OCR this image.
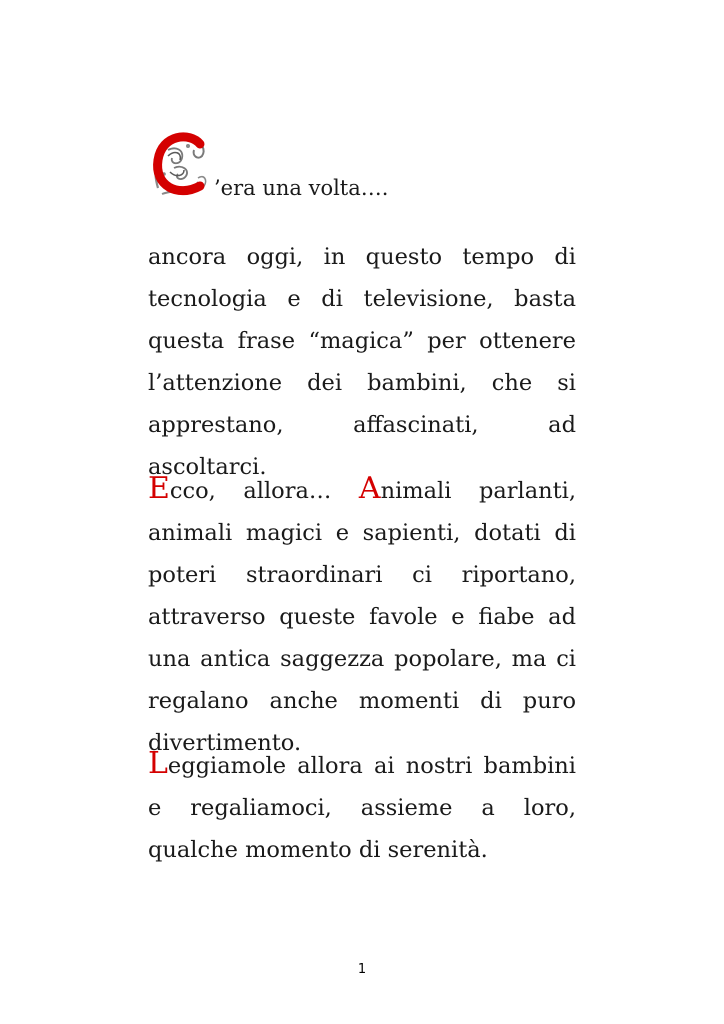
’era una volta….

ancora oggi, in questo tempo di tecnologia e di televisione, basta questa frase “magica” per ottenere l’attenzione dei bambini, che si apprestano, affascinati, ad ascoltarci.

Ecco, allora… Animali parlanti, animali magici e sapienti, dotati di poteri straordinari ci riportano, attraverso queste favole e fiabe ad una antica saggezza popolare, ma ci regalano anche momenti di puro divertimento.

Leggiamole allora ai nostri bambini e regaliamoci, assieme a loro, qualche momento di serenità.

1
